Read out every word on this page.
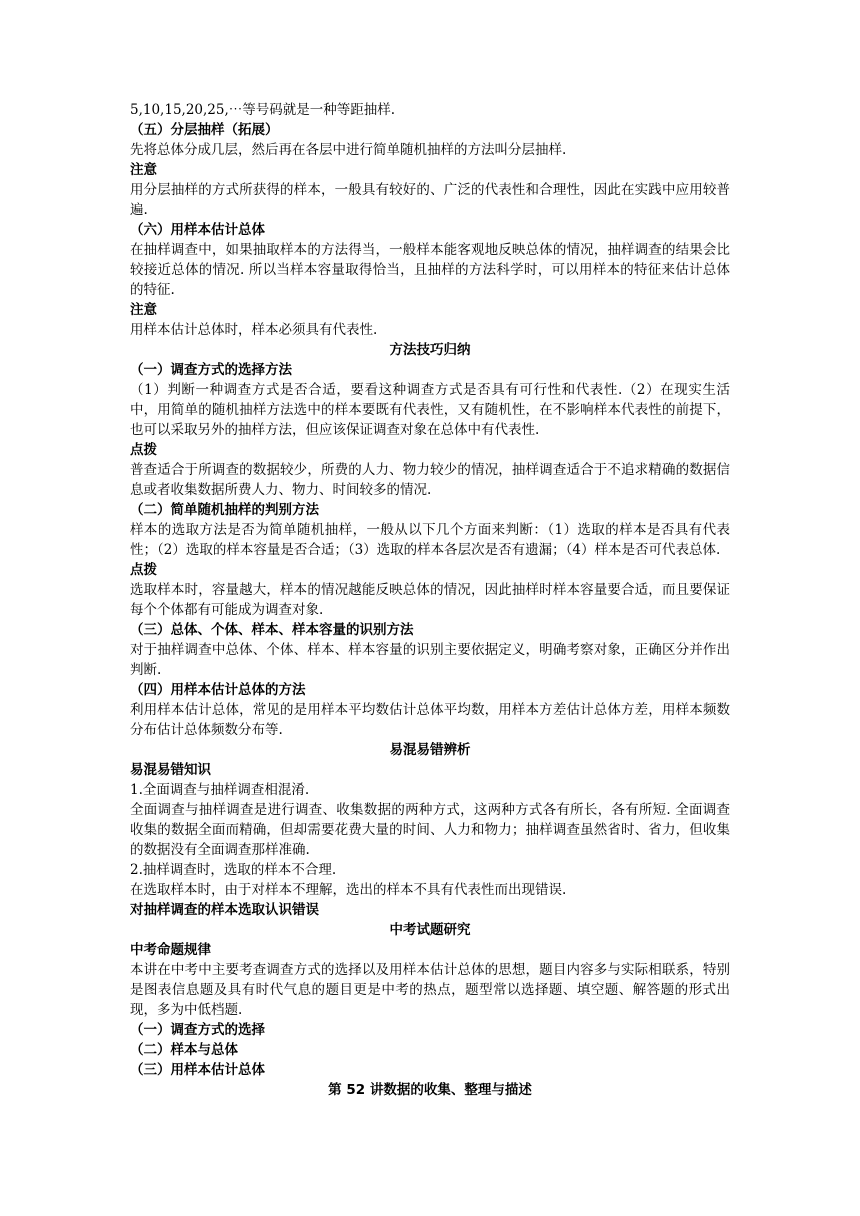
5,10,15,20,25,⋯等号码就是一种等距抽样.
（五）分层抽样（拓展）
先将总体分成几层，然后再在各层中进行简单随机抽样的方法叫分层抽样.
注意
用分层抽样的方式所获得的样本，一般具有较好的、广泛的代表性和合理性，因此在实践中应用较普遍.
（六）用样本估计总体
在抽样调查中，如果抽取样本的方法得当，一般样本能客观地反映总体的情况，抽样调查的结果会比较接近总体的情况. 所以当样本容量取得恰当，且抽样的方法科学时，可以用样本的特征来估计总体的特征.
注意
用样本估计总体时，样本必须具有代表性.
方法技巧归纳
（一）调查方式的选择方法
（1）判断一种调查方式是否合适，要看这种调查方式是否具有可行性和代表性.（2）在现实生活中，用简单的随机抽样方法选中的样本要既有代表性，又有随机性，在不影响样本代表性的前提下，也可以采取另外的抽样方法，但应该保证调查对象在总体中有代表性.
点拨
普查适合于所调查的数据较少，所费的人力、物力较少的情况，抽样调查适合于不追求精确的数据信息或者收集数据所费人力、物力、时间较多的情况.
（二）简单随机抽样的判别方法
样本的选取方法是否为简单随机抽样，一般从以下几个方面来判断：（1）选取的样本是否具有代表性；（2）选取的样本容量是否合适；（3）选取的样本各层次是否有遗漏；（4）样本是否可代表总体.
点拨
选取样本时，容量越大，样本的情况越能反映总体的情况，因此抽样时样本容量要合适，而且要保证每个个体都有可能成为调查对象.
（三）总体、个体、样本、样本容量的识别方法
对于抽样调查中总体、个体、样本、样本容量的识别主要依据定义，明确考察对象，正确区分并作出判断.
（四）用样本估计总体的方法
利用样本估计总体，常见的是用样本平均数估计总体平均数，用样本方差估计总体方差，用样本频数分布估计总体频数分布等.
易混易错辨析
易混易错知识
1.全面调查与抽样调查相混淆.
全面调查与抽样调查是进行调查、收集数据的两种方式，这两种方式各有所长，各有所短. 全面调查收集的数据全面而精确，但却需要花费大量的时间、人力和物力；抽样调查虽然省时、省力，但收集的数据没有全面调查那样准确.
2.抽样调查时，选取的样本不合理.
在选取样本时，由于对样本不理解，选出的样本不具有代表性而出现错误.
对抽样调查的样本选取认识错误
中考试题研究
中考命题规律
本讲在中考中主要考查调查方式的选择以及用样本估计总体的思想，题目内容多与实际相联系，特别是图表信息题及具有时代气息的题目更是中考的热点，题型常以选择题、填空题、解答题的形式出现，多为中低档题.
（一）调查方式的选择
（二）样本与总体
（三）用样本估计总体
第 52 讲数据的收集、整理与描述
